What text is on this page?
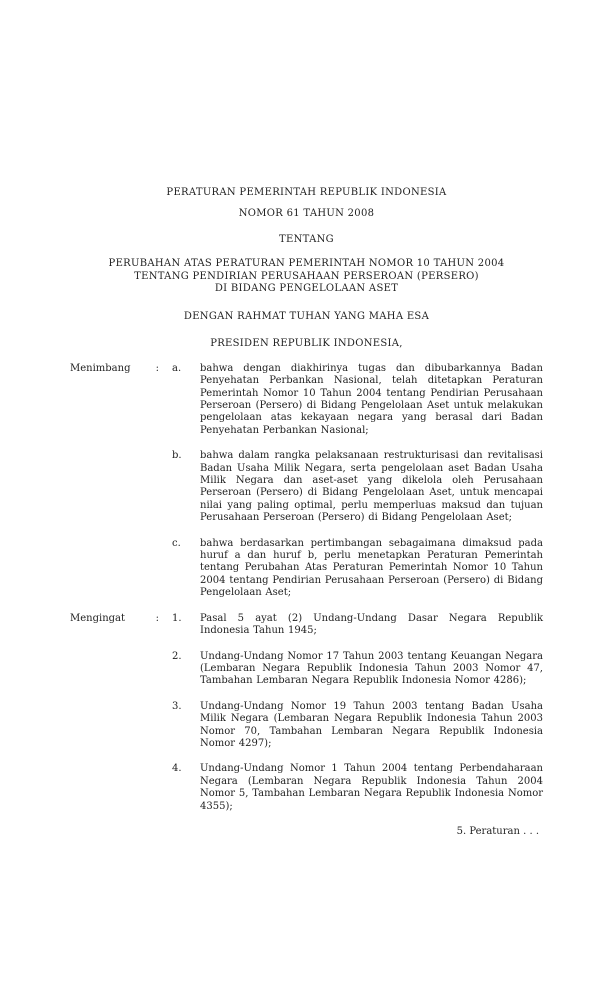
PERATURAN PEMERINTAH REPUBLIK INDONESIA
NOMOR 61 TAHUN 2008
TENTANG
PERUBAHAN ATAS PERATURAN PEMERINTAH NOMOR 10 TAHUN 2004
TENTANG PENDIRIAN PERUSAHAAN PERSEROAN (PERSERO)
DI BIDANG PENGELOLAAN ASET
DENGAN RAHMAT TUHAN YANG MAHA ESA
PRESIDEN REPUBLIK INDONESIA,
Menimbang	: a.	bahwa dengan diakhirinya tugas dan dibubarkannya Badan Penyehatan Perbankan Nasional, telah ditetapkan Peraturan Pemerintah Nomor 10 Tahun 2004 tentang Pendirian Perusahaan Perseroan (Persero) di Bidang Pengelolaan Aset untuk melakukan pengelolaan atas kekayaan negara yang berasal dari Badan Penyehatan Perbankan Nasional;
b.	bahwa dalam rangka pelaksanaan restrukturisasi dan revitalisasi Badan Usaha Milik Negara, serta pengelolaan aset Badan Usaha Milik Negara dan aset-aset yang dikelola oleh Perusahaan Perseroan (Persero) di Bidang Pengelolaan Aset, untuk mencapai nilai yang paling optimal, perlu memperluas maksud dan tujuan Perusahaan Perseroan (Persero) di Bidang Pengelolaan Aset;
c.	bahwa berdasarkan pertimbangan sebagaimana dimaksud pada huruf a dan huruf b, perlu menetapkan Peraturan Pemerintah tentang Perubahan Atas Peraturan Pemerintah Nomor 10 Tahun 2004 tentang Pendirian Perusahaan Perseroan (Persero) di Bidang Pengelolaan Aset;
Mengingat	: 1.	Pasal 5 ayat (2) Undang-Undang Dasar Negara Republik Indonesia Tahun 1945;
2.	Undang-Undang Nomor 17 Tahun 2003 tentang Keuangan Negara (Lembaran Negara Republik Indonesia Tahun 2003 Nomor 47, Tambahan Lembaran Negara Republik Indonesia Nomor 4286);
3.	Undang-Undang Nomor 19 Tahun 2003 tentang Badan Usaha Milik Negara (Lembaran Negara Republik Indonesia Tahun 2003 Nomor 70, Tambahan Lembaran Negara Republik Indonesia Nomor 4297);
4.	Undang-Undang Nomor 1 Tahun 2004 tentang Perbendaharaan Negara (Lembaran Negara Republik Indonesia Tahun 2004 Nomor 5, Tambahan Lembaran Negara Republik Indonesia Nomor 4355);
5. Peraturan . . .
